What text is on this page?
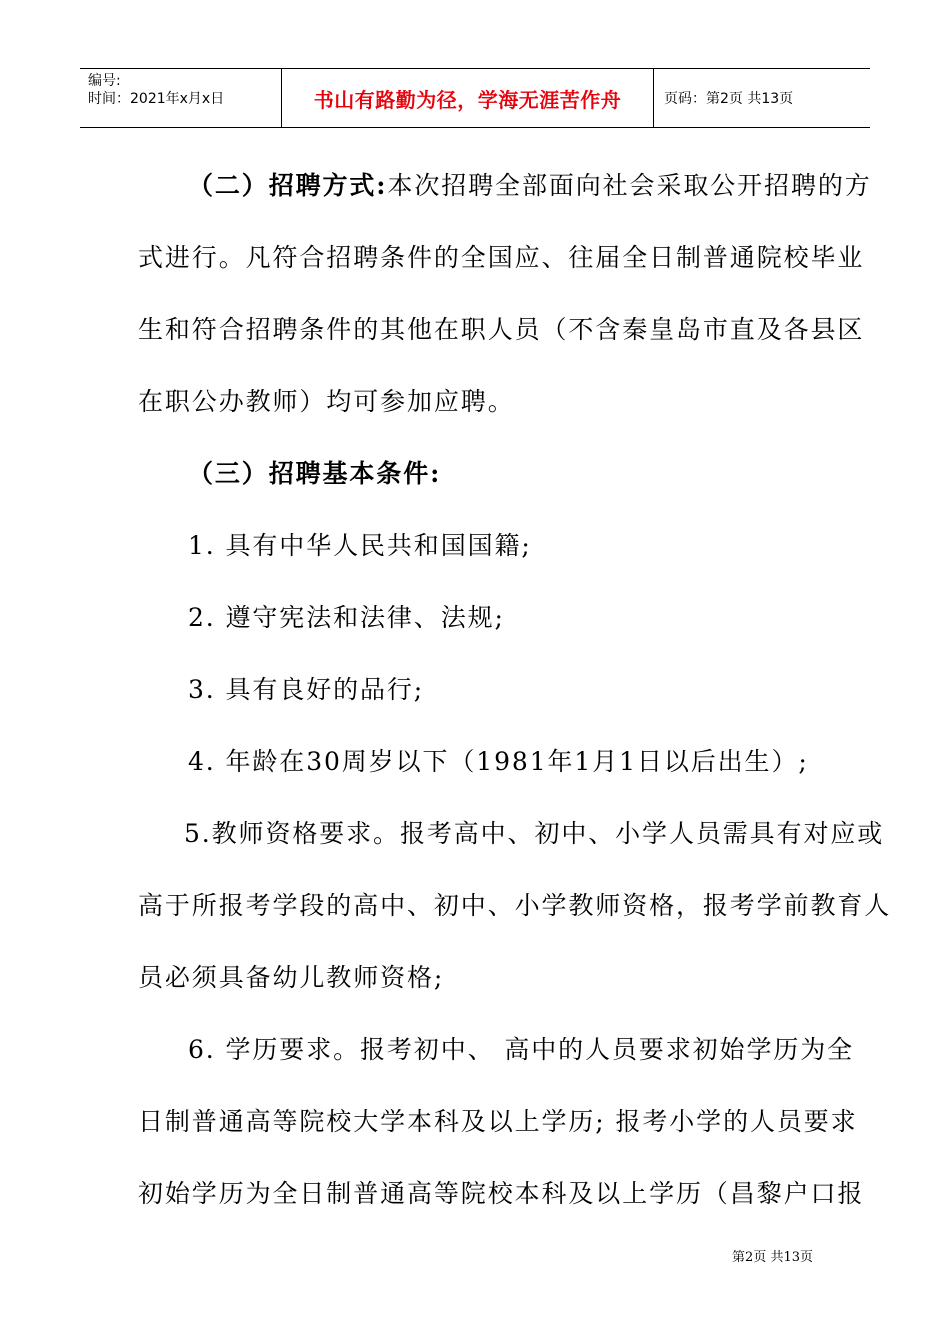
编号:
时间：2021年x月x日	书山有路勤为径，学海无涯苦作舟	页码：第2页 共13页
（二）招聘方式:本次招聘全部面向社会采取公开招聘的方
式进行。凡符合招聘条件的全国应、往届全日制普通院校毕业
生和符合招聘条件的其他在职人员（不含秦皇岛市直及各县区
在职公办教师）均可参加应聘。
（三）招聘基本条件:
1. 具有中华人民共和国国籍;
2. 遵守宪法和法律、法规;
3. 具有良好的品行;
4. 年龄在30周岁以下（1981年1月1日以后出生）;
5.教师资格要求。报考高中、初中、小学人员需具有对应或
高于所报考学段的高中、初中、小学教师资格，报考学前教育人
员必须具备幼儿教师资格;
6. 学历要求。报考初中、 高中的人员要求初始学历为全
日制普通高等院校大学本科及以上学历; 报考小学的人员要求
初始学历为全日制普通高等院校本科及以上学历（昌黎户口报
第2页 共13页
